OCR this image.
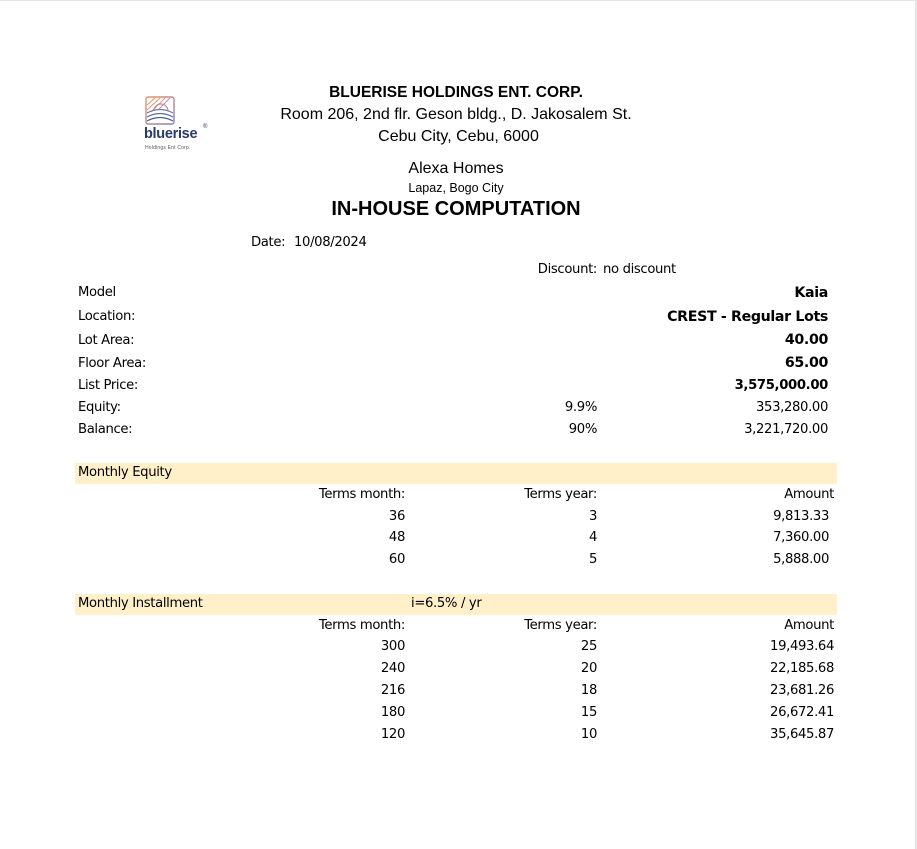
bluerise ®
Holdings Ent Corp.
BLUERISE HOLDINGS ENT. CORP.
Room 206, 2nd flr. Geson bldg., D. Jakosalem St.
Cebu City, Cebu, 6000
Alexa Homes
Lapaz, Bogo City
IN-HOUSE COMPUTATION
Date: 10/08/2024
Discount: no discount
Model	Kaia
Location:	CREST - Regular Lots
Lot Area:	40.00
Floor Area:	65.00
List Price:	3,575,000.00
Equity:	9.9%	353,280.00
Balance:	90%	3,221,720.00
Monthly Equity
Terms month:	Terms year:	Amount
36	3	9,813.33
48	4	7,360.00
60	5	5,888.00
Monthly Installment	i=6.5% / yr
Terms month:	Terms year:	Amount
300	25	19,493.64
240	20	22,185.68
216	18	23,681.26
180	15	26,672.41
120	10	35,645.87
